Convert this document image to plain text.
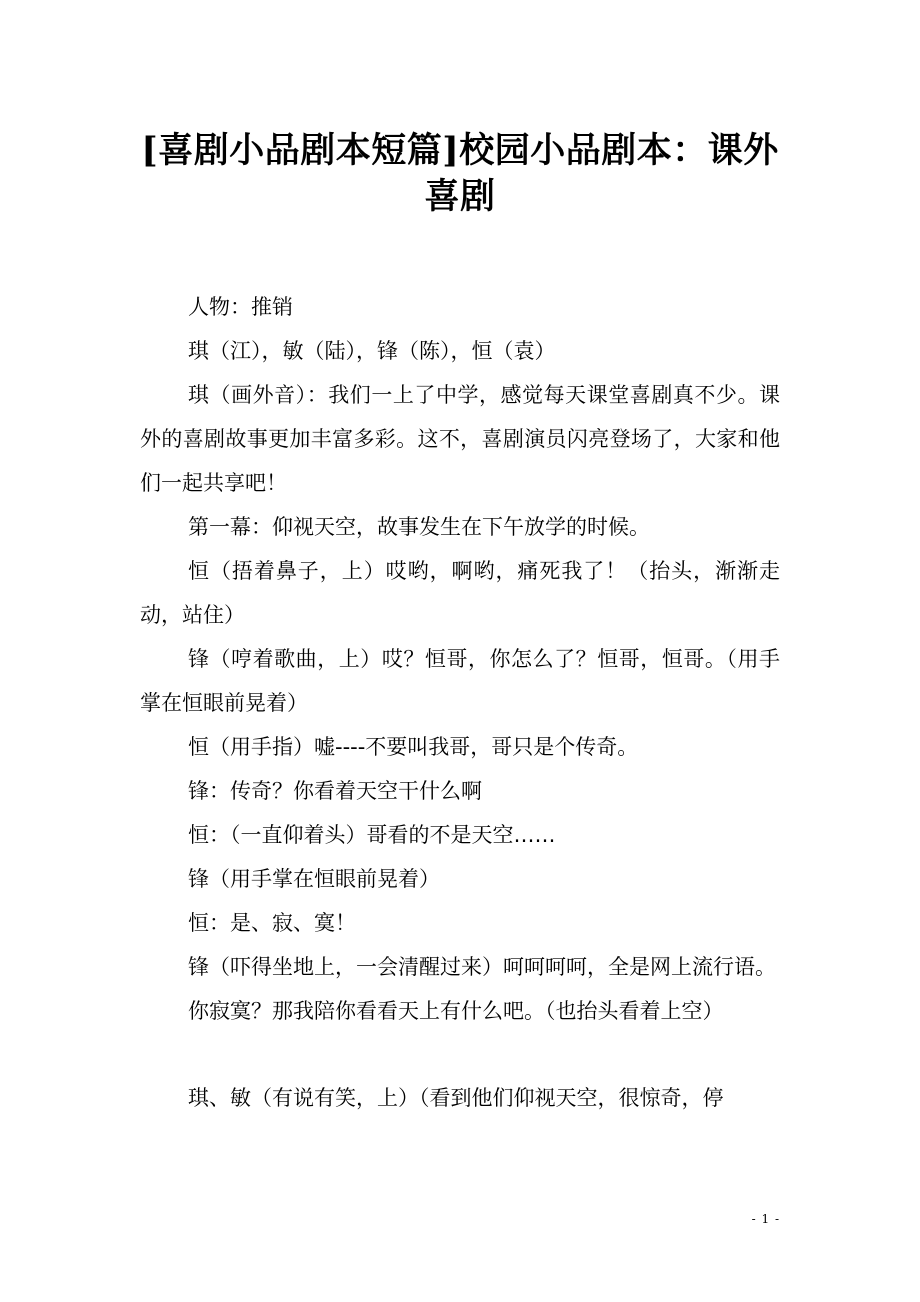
[喜剧小品剧本短篇]校园小品剧本：课外喜剧

人物：推销

琪（江），敏（陆），锋（陈），恒（袁）

琪（画外音）：我们一上了中学，感觉每天课堂喜剧真不少。课外的喜剧故事更加丰富多彩。这不，喜剧演员闪亮登场了，大家和他们一起共享吧！

第一幕：仰视天空，故事发生在下午放学的时候。

恒（捂着鼻子，上）哎哟，啊哟，痛死我了！（抬头，渐渐走动，站住）

锋（哼着歌曲，上）哎？恒哥，你怎么了？恒哥，恒哥。（用手掌在恒眼前晃着）

恒（用手指）嘘----不要叫我哥，哥只是个传奇。

锋：传奇？你看着天空干什么啊

恒：（一直仰着头）哥看的不是天空……

锋（用手掌在恒眼前晃着）

恒：是、寂、寞！

锋（吓得坐地上，一会清醒过来）呵呵呵呵，全是网上流行语。

你寂寞？那我陪你看看天上有什么吧。（也抬头看着上空）

琪、敏（有说有笑，上）（看到他们仰视天空，很惊奇，停

- 1 -
